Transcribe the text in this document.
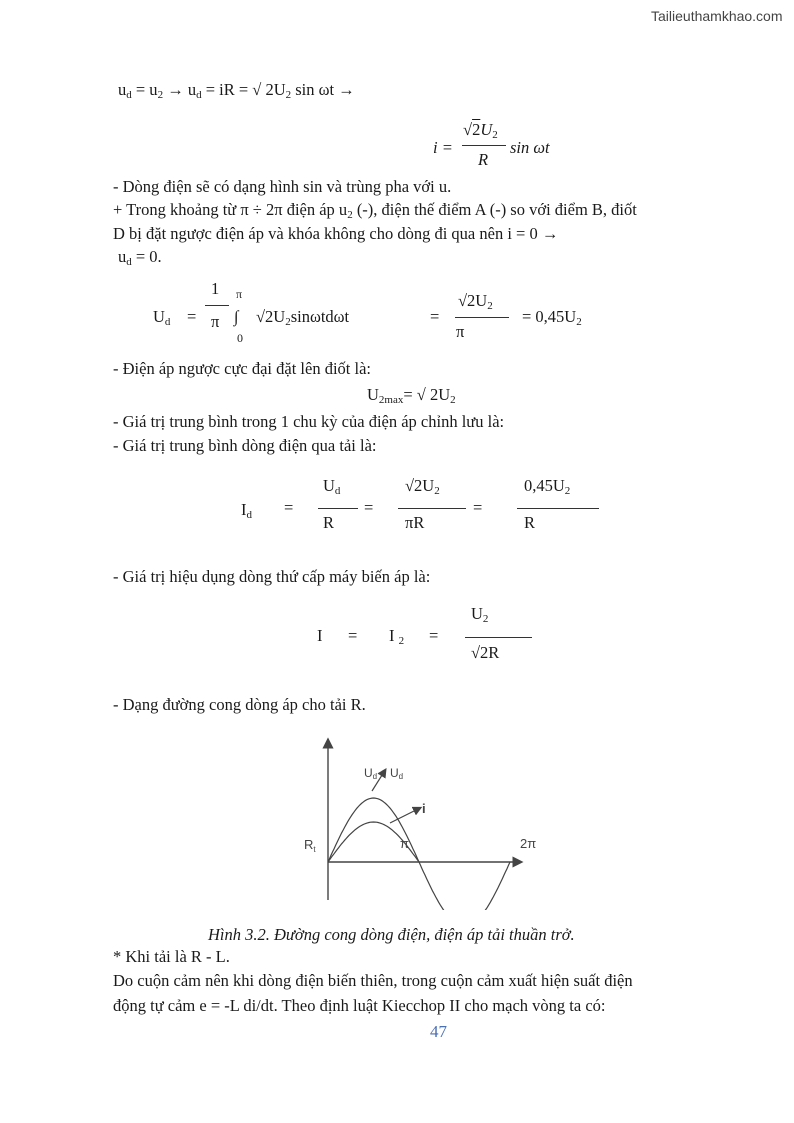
Tailieuthamkhao.com
$u_d = u_2 \to u_d$ = iR = √ $2U_2$ sin ωt →
i =
$√2U_2$
R
sin ωt
- Dòng điện sẽ có dạng hình sin và trùng pha với u.
+ Trong khoảng từ π ÷ 2π điện áp $u_2$ (-), điện thế điểm A (-) so với điểm B, điốt
D bị đặt ngược điện áp và khóa không cho dòng đi qua nên i = 0 →
$u_d = 0$.
1
π
$U_d$ =
π
∫
0
$√2U_2\sin\omega td\omega t$	=
$√2U_2$
π
= $0,45U_2$
- Điện áp ngược cực đại đặt lên điốt là:
$U_{2max}=$ √ $2U_2$
- Giá trị trung bình trong 1 chu kỳ của điện áp chỉnh lưu là:
- Giá trị trung bình dòng điện qua tải là:
$I_d$ =
$U_d$
R
=
$√2U_2$
πR
=
$0,45U_2$
R
- Giá trị hiệu dụng dòng thứ cấp máy biến áp là:
I = I $_2$ =
$U_2$
√2R
- Dạng đường cong dòng áp cho tải R.
Ud Ud
i
$R_t$	π	2π
Hình 3.2. Đường cong dòng điện, điện áp tải thuần trở.
* Khi tải là R - L.
Do cuộn cảm nên khi dòng điện biến thiên, trong cuộn cảm xuất hiện suất điện
động tự cảm e = -L di/dt. Theo định luật Kiecchop II cho mạch vòng ta có:
47
